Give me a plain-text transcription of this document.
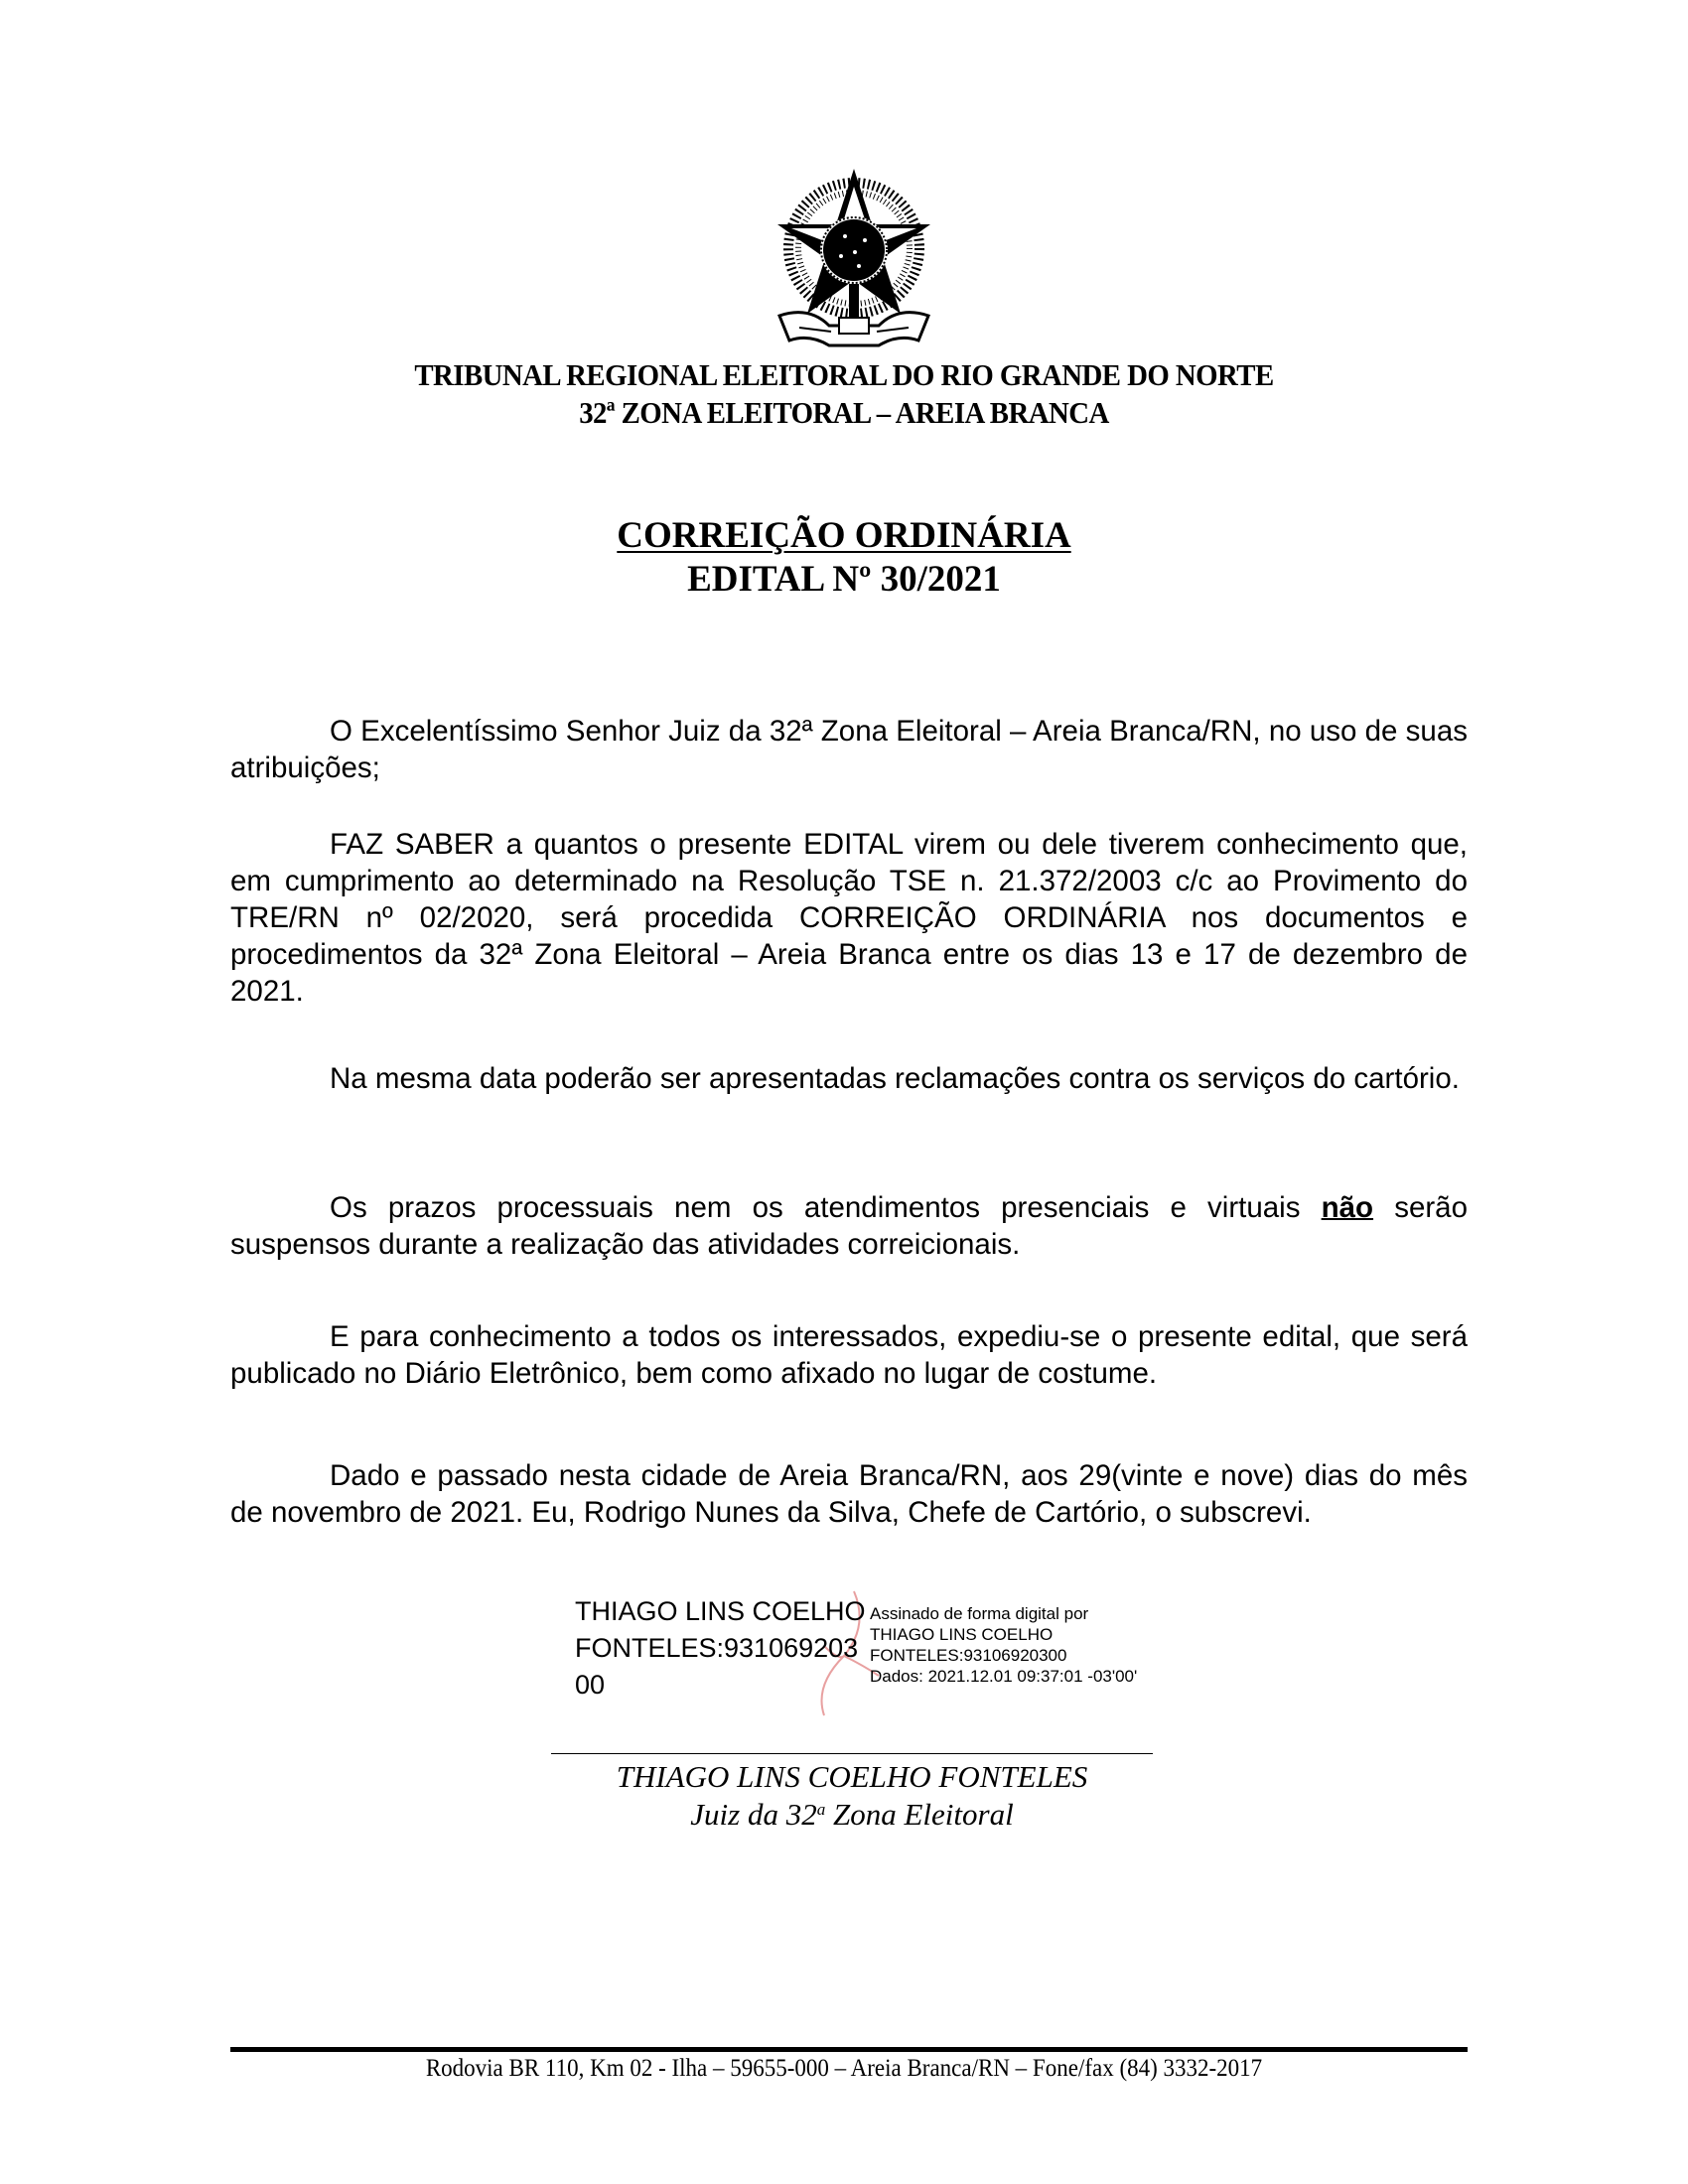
TRIBUNAL REGIONAL ELEITORAL DO RIO GRANDE DO NORTE
32ª ZONA ELEITORAL – AREIA BRANCA
CORREIÇÃO ORDINÁRIA
EDITAL Nº 30/2021

O Excelentíssimo Senhor Juiz da 32ª Zona Eleitoral – Areia Branca/RN, no uso de suas atribuições;

FAZ SABER a quantos o presente EDITAL virem ou dele tiverem conhecimento que, em cumprimento ao determinado na Resolução TSE n. 21.372/2003 c/c ao Provimento do TRE/RN nº 02/2020, será procedida CORREIÇÃO ORDINÁRIA nos documentos e procedimentos da 32ª Zona Eleitoral – Areia Branca entre os dias 13 e 17 de dezembro de 2021.

Na mesma data poderão ser apresentadas reclamações contra os serviços do cartório.

Os prazos processuais nem os atendimentos presenciais e virtuais não serão suspensos durante a realização das atividades correicionais.

E para conhecimento a todos os interessados, expediu-se o presente edital, que será publicado no Diário Eletrônico, bem como afixado no lugar de costume.

Dado e passado nesta cidade de Areia Branca/RN, aos 29(vinte e nove) dias do mês de novembro de 2021. Eu, Rodrigo Nunes da Silva, Chefe de Cartório, o subscrevi.

THIAGO LINS COELHO
FONTELES:931069203
00
Assinado de forma digital por
THIAGO LINS COELHO
FONTELES:93106920300
Dados: 2021.12.01 09:37:01 -03'00'
THIAGO LINS COELHO FONTELES
Juiz da 32$^a$ Zona Eleitoral
Rodovia BR 110, Km 02 - Ilha – 59655-000 – Areia Branca/RN – Fone/fax (84) 3332-2017
